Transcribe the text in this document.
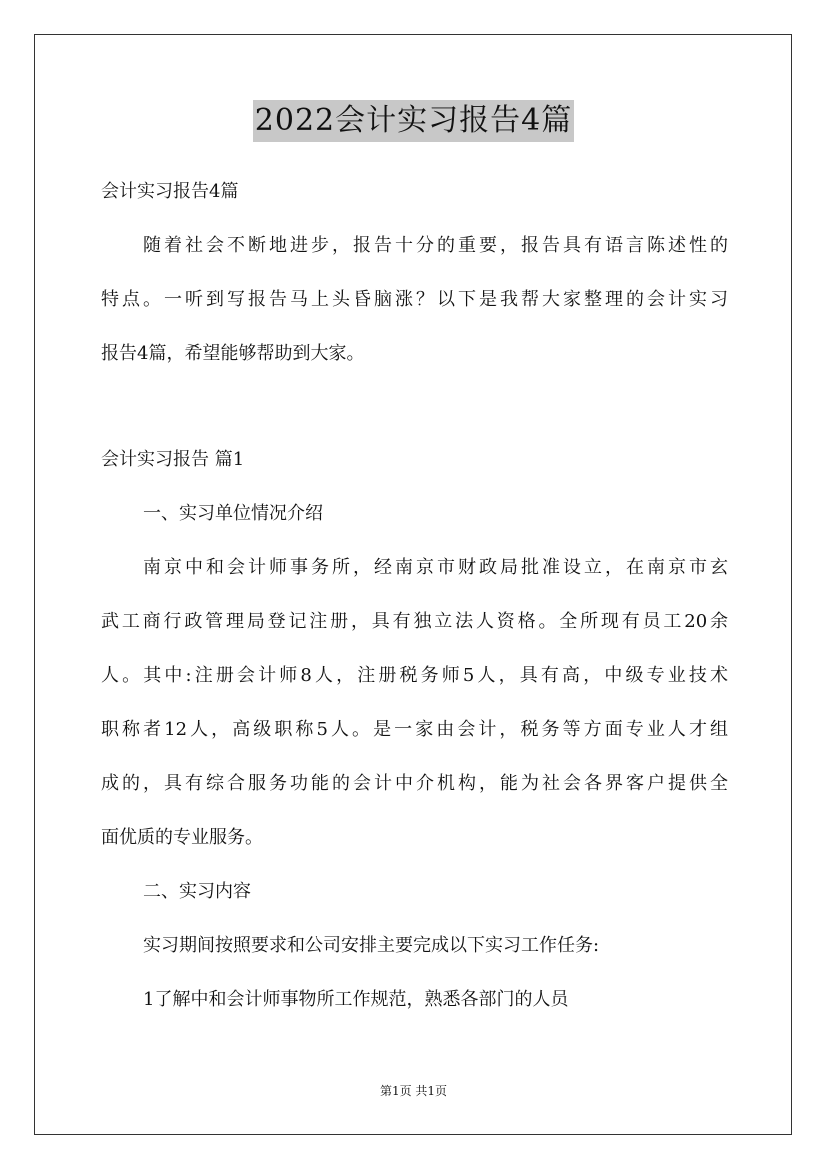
2022会计实习报告4篇
会计实习报告4篇
随着社会不断地进步，报告十分的重要，报告具有语言陈述性的
特点。一听到写报告马上头昏脑涨？以下是我帮大家整理的会计实习
报告4篇，希望能够帮助到大家。
会计实习报告 篇1
一、实习单位情况介绍
南京中和会计师事务所，经南京市财政局批准设立，在南京市玄
武工商行政管理局登记注册，具有独立法人资格。全所现有员工20余
人。其中:注册会计师8人，注册税务师5人，具有高，中级专业技术
职称者12人，高级职称5人。是一家由会计，税务等方面专业人才组
成的，具有综合服务功能的会计中介机构，能为社会各界客户提供全
面优质的专业服务。
二、实习内容
实习期间按照要求和公司安排主要完成以下实习工作任务:
1了解中和会计师事物所工作规范，熟悉各部门的人员
第1页 共1页
